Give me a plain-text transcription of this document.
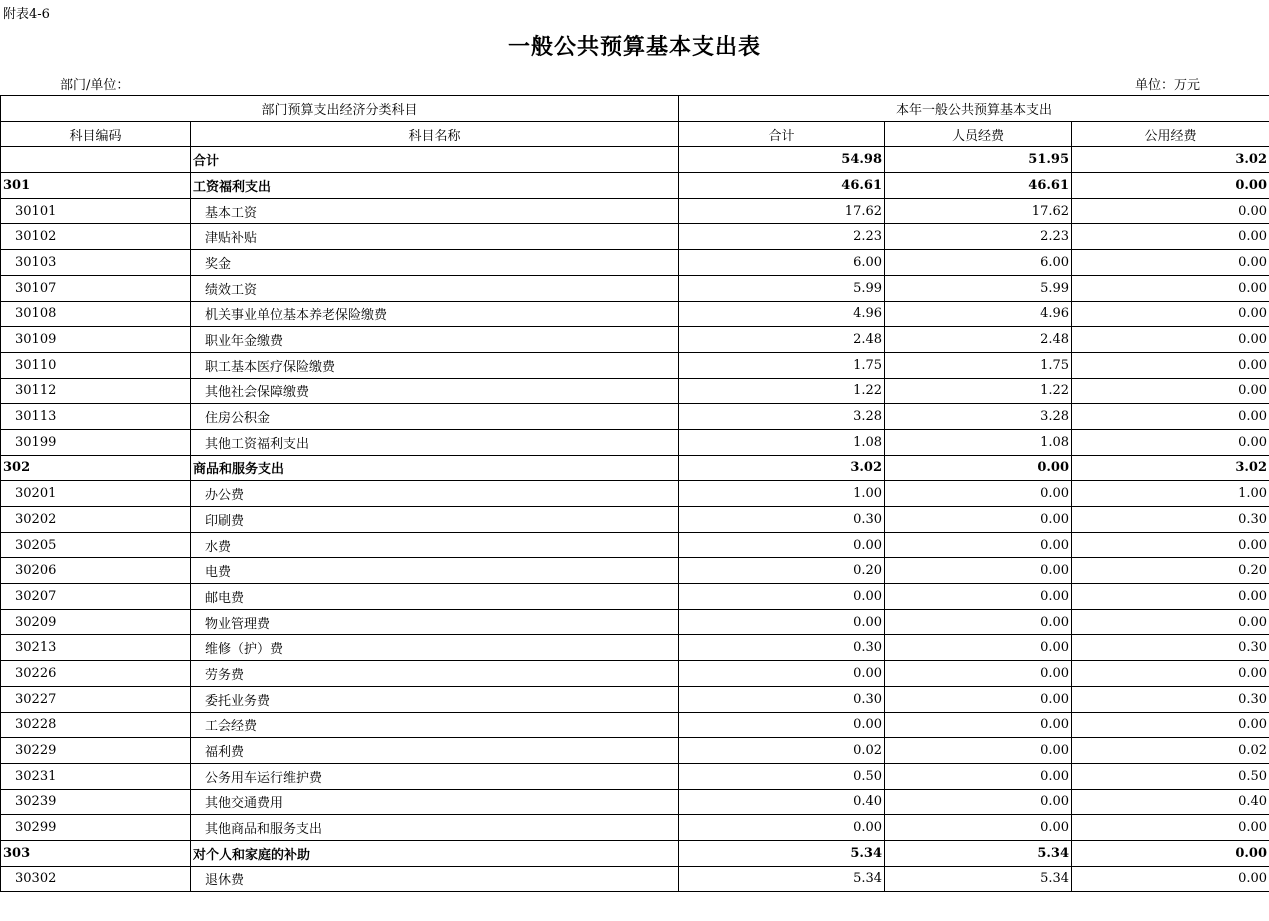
附表4-6
一般公共预算基本支出表
部门/单位：	单位：万元
部门预算支出经济分类科目		本年一般公共预算基本支出		
科目编码	科目名称	合计	人员经费	公用经费
	合计	54.98	51.95	3.02
301	工资福利支出	46.61	46.61	0.00
30101	基本工资	17.62	17.62	0.00
30102	津贴补贴	2.23	2.23	0.00
30103	奖金	6.00	6.00	0.00
30107	绩效工资	5.99	5.99	0.00
30108	机关事业单位基本养老保险缴费	4.96	4.96	0.00
30109	职业年金缴费	2.48	2.48	0.00
30110	职工基本医疗保险缴费	1.75	1.75	0.00
30112	其他社会保障缴费	1.22	1.22	0.00
30113	住房公积金	3.28	3.28	0.00
30199	其他工资福利支出	1.08	1.08	0.00
302	商品和服务支出	3.02	0.00	3.02
30201	办公费	1.00	0.00	1.00
30202	印刷费	0.30	0.00	0.30
30205	水费	0.00	0.00	0.00
30206	电费	0.20	0.00	0.20
30207	邮电费	0.00	0.00	0.00
30209	物业管理费	0.00	0.00	0.00
30213	维修（护）费	0.30	0.00	0.30
30226	劳务费	0.00	0.00	0.00
30227	委托业务费	0.30	0.00	0.30
30228	工会经费	0.00	0.00	0.00
30229	福利费	0.02	0.00	0.02
30231	公务用车运行维护费	0.50	0.00	0.50
30239	其他交通费用	0.40	0.00	0.40
30299	其他商品和服务支出	0.00	0.00	0.00
303	对个人和家庭的补助	5.34	5.34	0.00
30302	退休费	5.34	5.34	0.00
